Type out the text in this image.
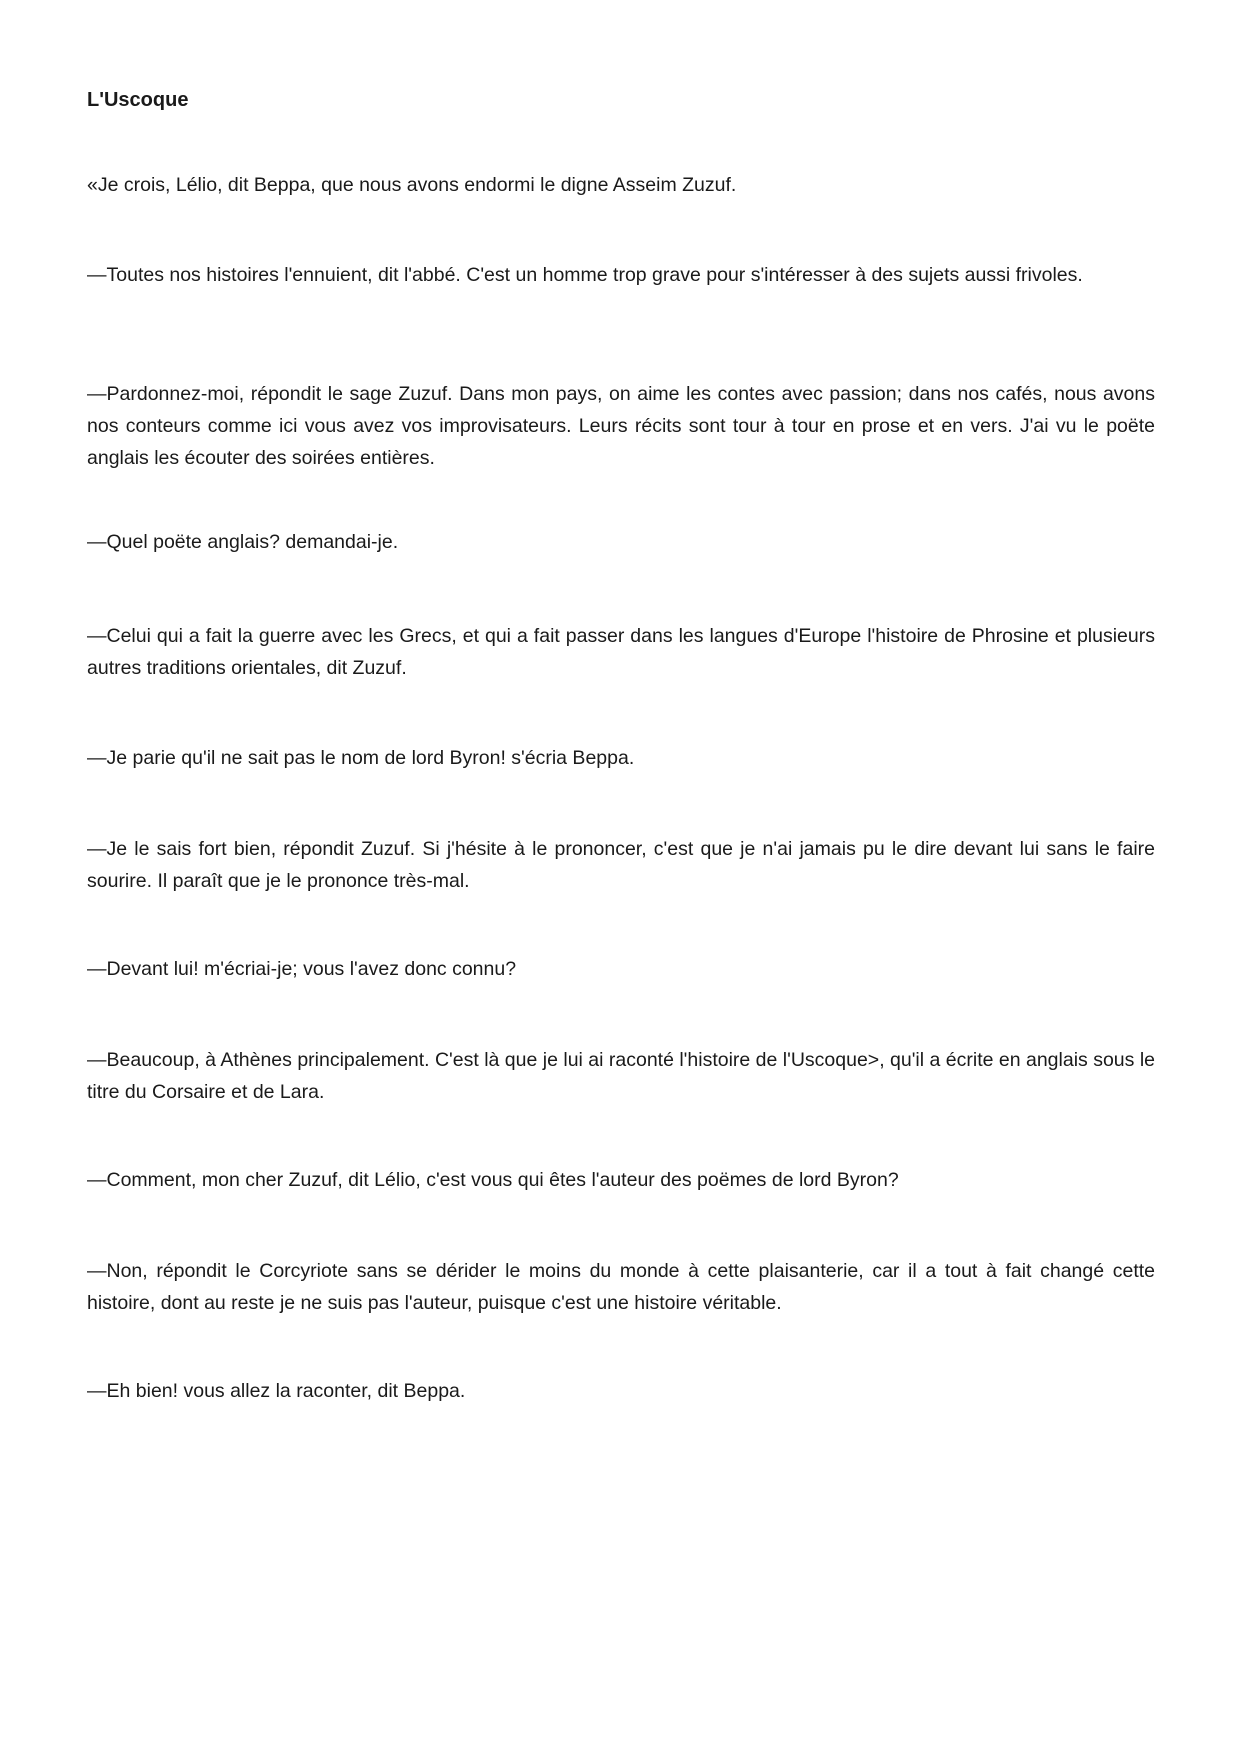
L'Uscoque

«Je crois, Lélio, dit Beppa, que nous avons endormi le digne Asseim Zuzuf.

—Toutes nos histoires l'ennuient, dit l'abbé. C'est un homme trop grave pour s'intéresser à des sujets aussi frivoles.

—Pardonnez-moi, répondit le sage Zuzuf. Dans mon pays, on aime les contes avec passion; dans nos cafés, nous avons nos conteurs comme ici vous avez vos improvisateurs. Leurs récits sont tour à tour en prose et en vers. J'ai vu le poëte anglais les écouter des soirées entières.

—Quel poëte anglais? demandai-je.

—Celui qui a fait la guerre avec les Grecs, et qui a fait passer dans les langues d'Europe l'histoire de Phrosine et plusieurs autres traditions orientales, dit Zuzuf.

—Je parie qu'il ne sait pas le nom de lord Byron! s'écria Beppa.

—Je le sais fort bien, répondit Zuzuf. Si j'hésite à le prononcer, c'est que je n'ai jamais pu le dire devant lui sans le faire sourire. Il paraît que je le prononce très-mal.

—Devant lui! m'écriai-je; vous l'avez donc connu?

—Beaucoup, à Athènes principalement. C'est là que je lui ai raconté l'histoire de l'Uscoque>, qu'il a écrite en anglais sous le titre du Corsaire et de Lara.

—Comment, mon cher Zuzuf, dit Lélio, c'est vous qui êtes l'auteur des poëmes de lord Byron?

—Non, répondit le Corcyriote sans se dérider le moins du monde à cette plaisanterie, car il a tout à fait changé cette histoire, dont au reste je ne suis pas l'auteur, puisque c'est une histoire véritable.

—Eh bien! vous allez la raconter, dit Beppa.
